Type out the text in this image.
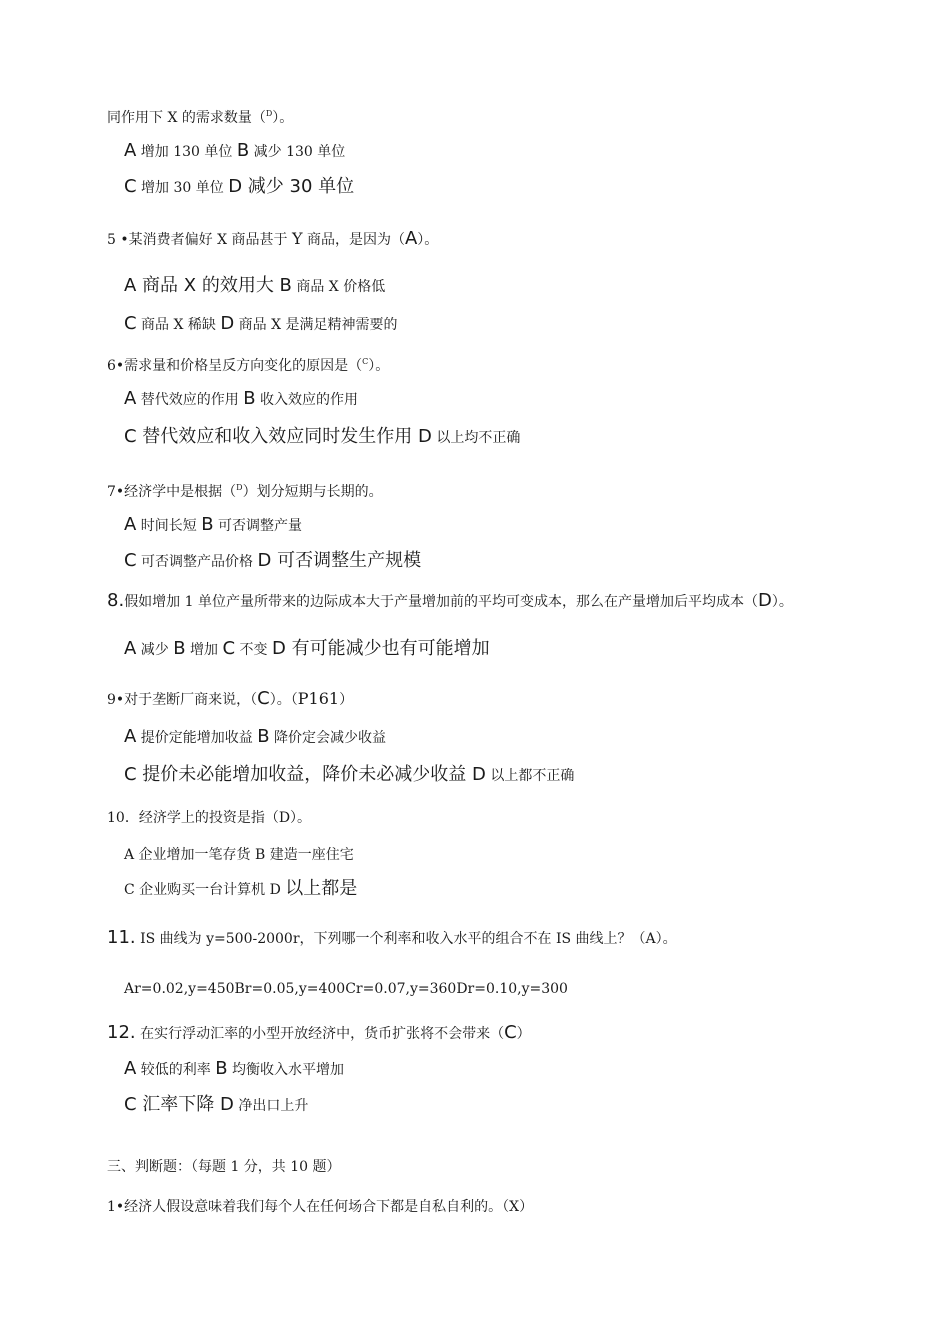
同作用下 X 的需求数量（$^D$）。
A 增加 130 单位 B 减少 130 单位
C 增加 30 单位 D 减少 30 单位
5 •某消费者偏好 X 商品甚于 Y 商品，是因为（A）。
A 商品 X 的效用大 B 商品 X 价格低
C 商品 X 稀缺 D 商品 X 是满足精神需要的
6•需求量和价格呈反方向变化的原因是（$^C$）。
A 替代效应的作用 B 收入效应的作用
C 替代效应和收入效应同时发生作用 D 以上均不正确
7•经济学中是根据（$^D$）划分短期与长期的。
A 时间长短 B 可否调整产量
C 可否调整产品价格 D 可否调整生产规模
8.假如增加 1 单位产量所带来的边际成本大于产量增加前的平均可变成本，那么在产量增加后平均成本（D）。
A 减少 B 增加 C 不变 D 有可能减少也有可能增加
9•对于垄断厂商来说，（C）。（P161）
A 提价定能增加收益 B 降价定会减少收益
C 提价未必能增加收益，降价未必减少收益 D 以上都不正确
10．经济学上的投资是指（D）。
A 企业增加一笔存货 B 建造一座住宅
C 企业购买一台计算机 D 以上都是
11. IS 曲线为 y=500-2000r，下列哪一个利率和收入水平的组合不在 IS 曲线上？（A）。
Ar=0.02,y=450Br=0.05,y=400Cr=0.07,y=360Dr=0.10,y=300
12. 在实行浮动汇率的小型开放经济中，货币扩张将不会带来（C）
A 较低的利率 B 均衡收入水平增加
C 汇率下降 D 净出口上升
三、判断题：（每题 1 分，共 10 题）
1•经济人假设意味着我们每个人在任何场合下都是自私自利的。（X）
